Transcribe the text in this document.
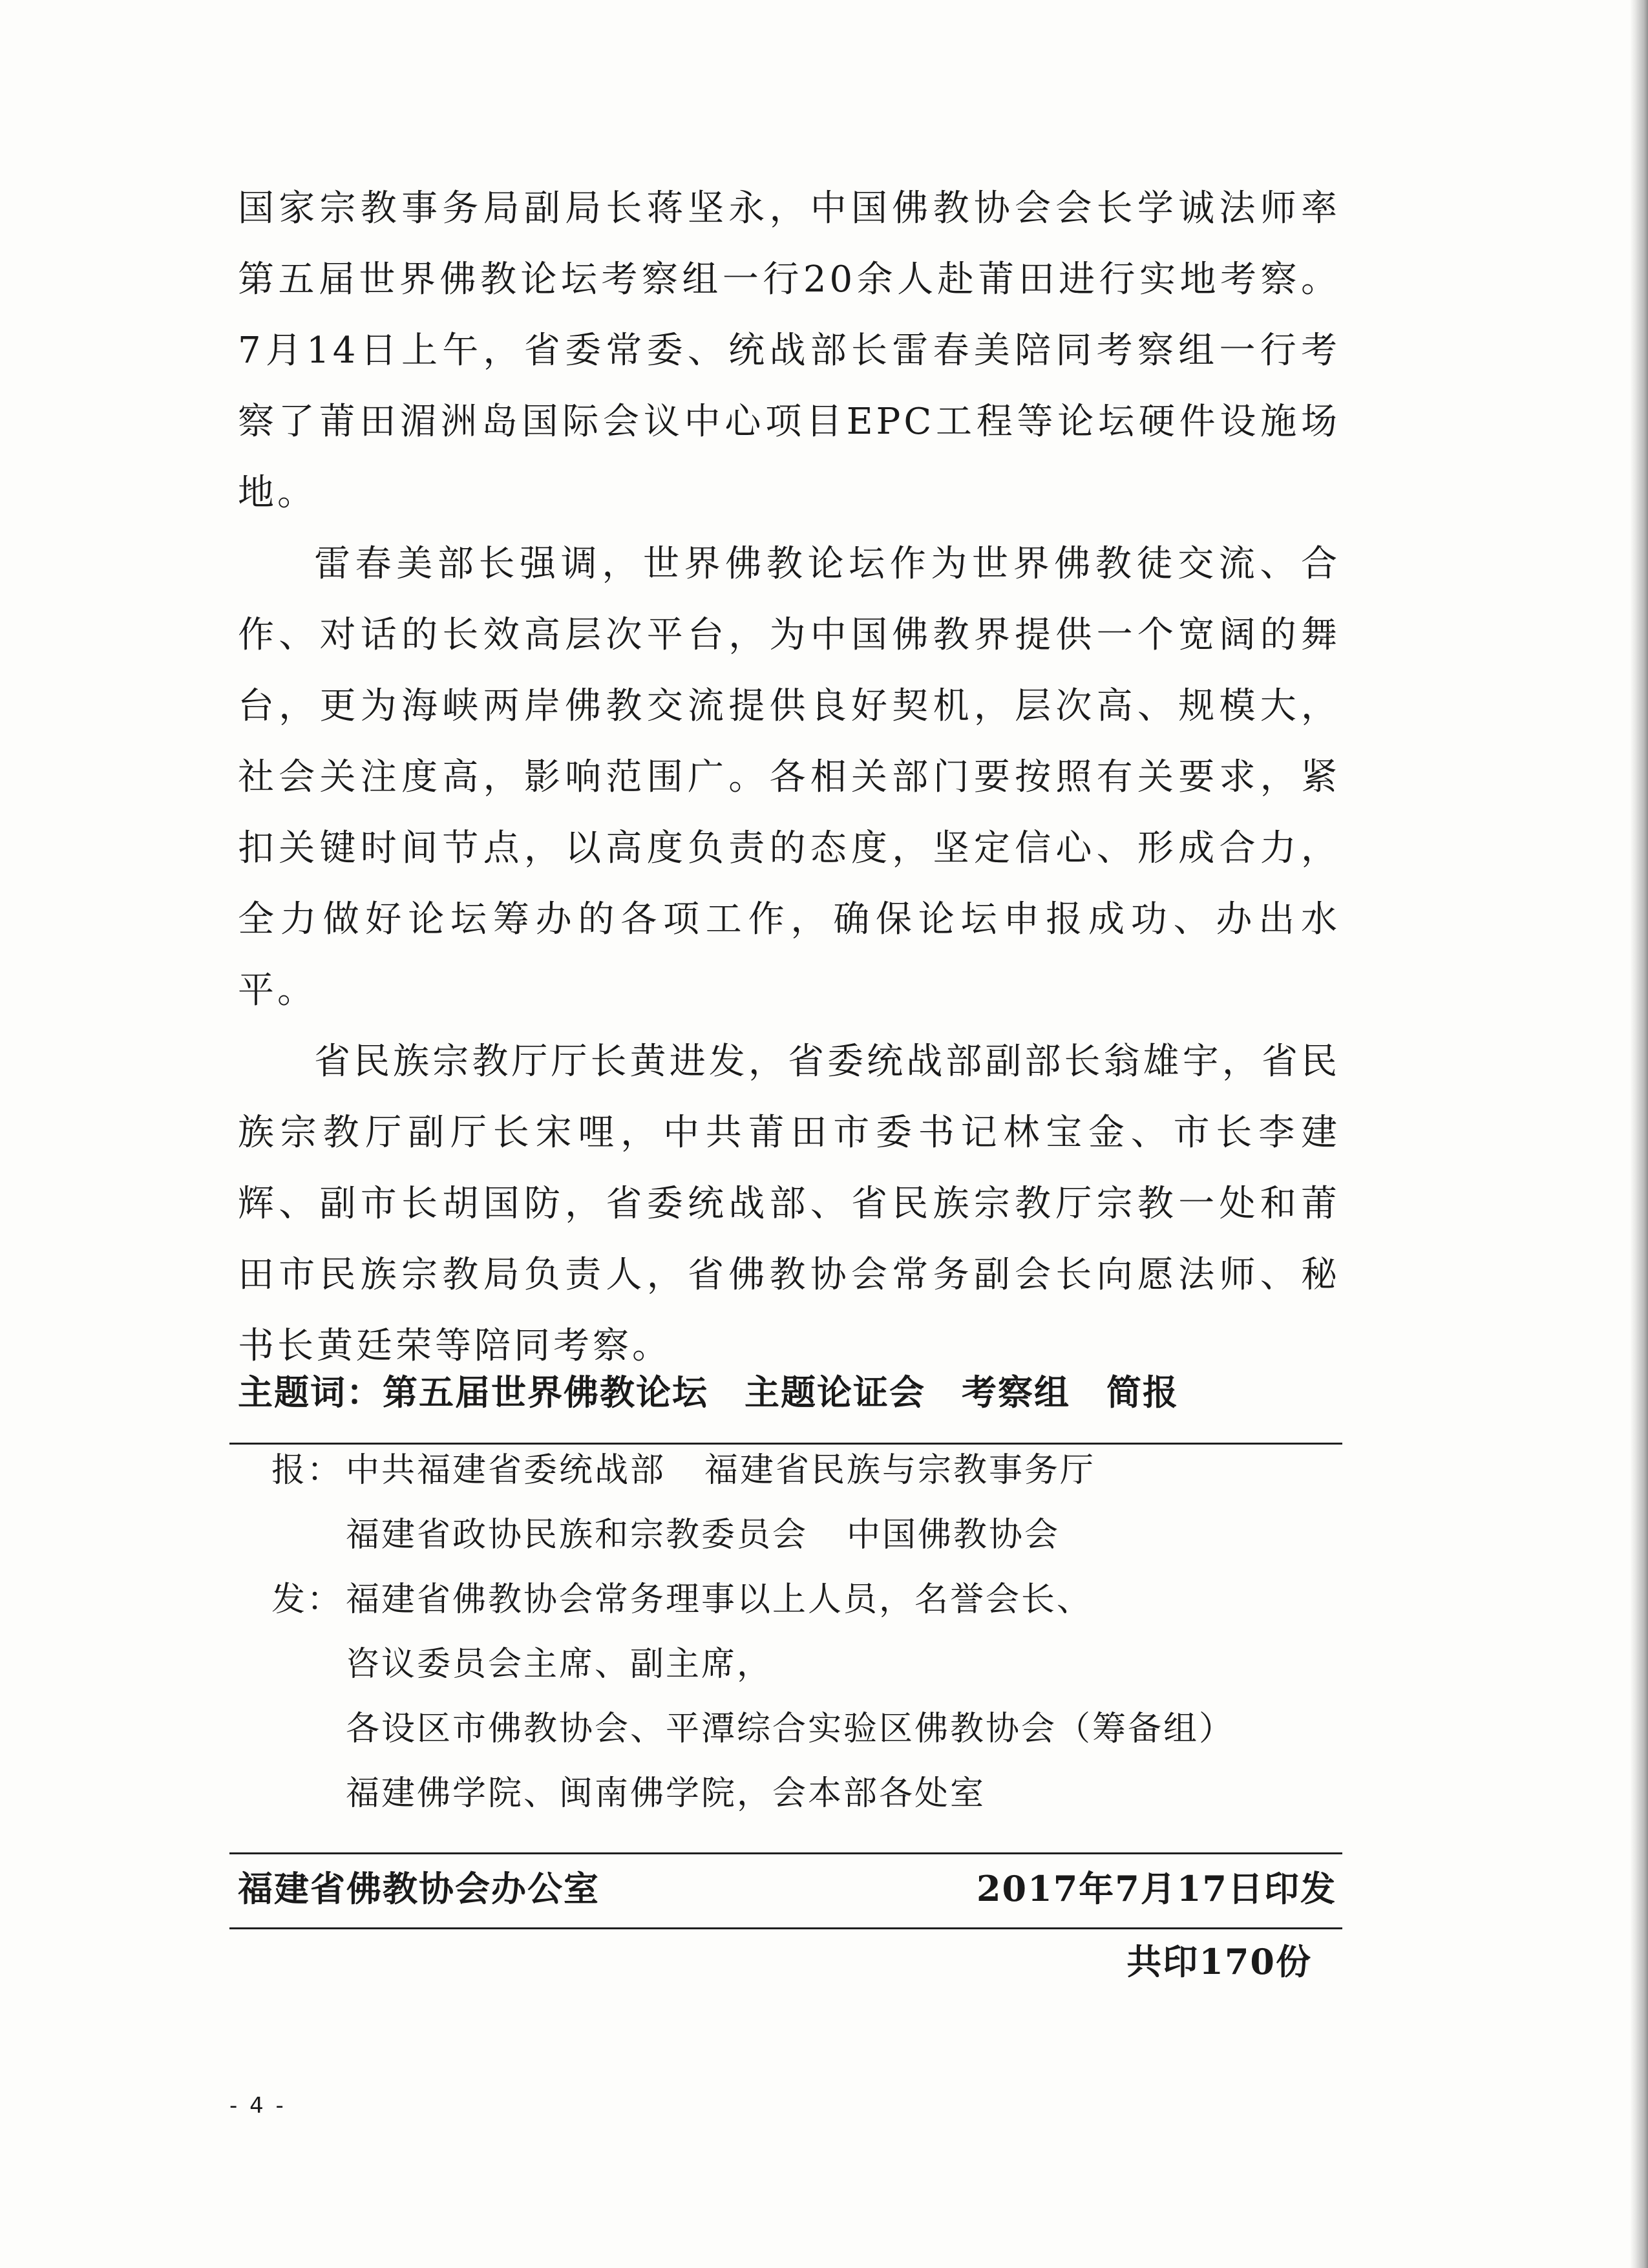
国家宗教事务局副局长蒋坚永，中国佛教协会会长学诚法师率第五届世界佛教论坛考察组一行20余人赴莆田进行实地考察。7月14日上午，省委常委、统战部长雷春美陪同考察组一行考察了莆田湄洲岛国际会议中心项目EPC工程等论坛硬件设施场地。

雷春美部长强调，世界佛教论坛作为世界佛教徒交流、合作、对话的长效高层次平台，为中国佛教界提供一个宽阔的舞台，更为海峡两岸佛教交流提供良好契机，层次高、规模大，社会关注度高，影响范围广。各相关部门要按照有关要求，紧扣关键时间节点，以高度负责的态度，坚定信心、形成合力，全力做好论坛筹办的各项工作，确保论坛申报成功、办出水平。

省民族宗教厅厅长黄进发，省委统战部副部长翁雄宇，省民族宗教厅副厅长宋哩，中共莆田市委书记林宝金、市长李建辉、副市长胡国防，省委统战部、省民族宗教厅宗教一处和莆田市民族宗教局负责人，省佛教协会常务副会长向愿法师、秘书长黄廷荣等陪同考察。

主题词：第五届世界佛教论坛 主题论证会 考察组 简报
报：中共福建省委统战部 福建省民族与宗教事务厅
福建省政协民族和宗教委员会 中国佛教协会
发：福建省佛教协会常务理事以上人员，名誉会长、
咨议委员会主席、副主席，
各设区市佛教协会、平潭综合实验区佛教协会（筹备组）
福建佛学院、闽南佛学院，会本部各处室
福建省佛教协会办公室	2017年7月17日印发
共印170份
- 4 -
